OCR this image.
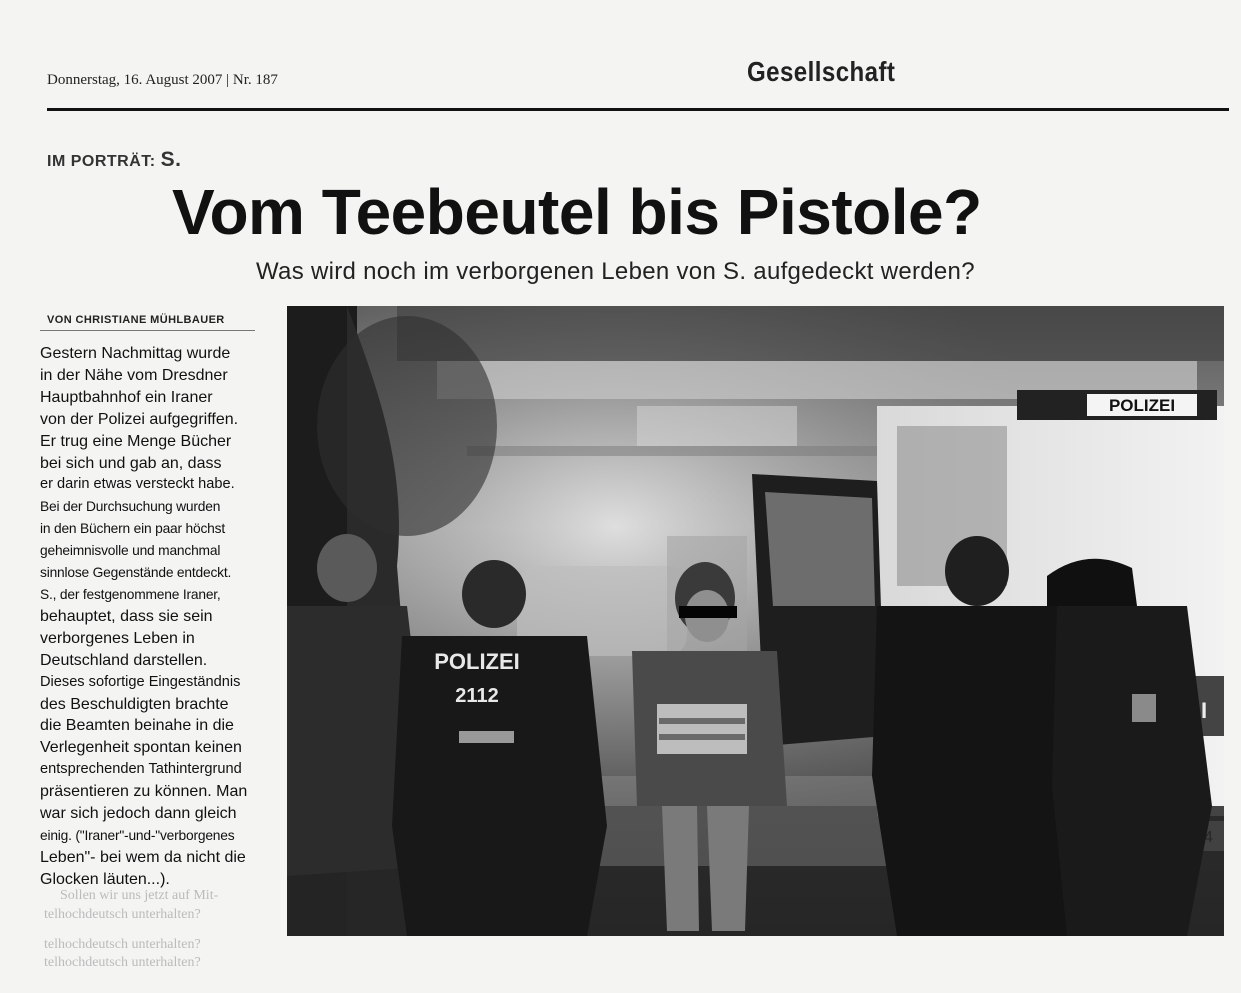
Donnerstag, 16. August 2007 | Nr. 187	Gesellschaft
IM PORTRÄT: S.
Vom Teebeutel bis Pistole?
Was wird noch im verborgenen Leben von S. aufgedeckt werden?
VON CHRISTIANE MÜHLBAUER
Gestern Nachmittag wurde
in der Nähe vom Dresdner
Hauptbahnhof ein Iraner
von der Polizei aufgegriffen.
Er trug eine Menge Bücher
bei sich und gab an, dass
er darin etwas versteckt habe.
Bei der Durchsuchung wurden
in den Büchern ein paar höchst
geheimnisvolle und manchmal
sinnlose Gegenstände entdeckt.
S., der festgenommene Iraner,
behauptet, dass sie sein
verborgenes Leben in
Deutschland darstellen.
Dieses sofortige Eingeständnis
des Beschuldigten brachte
die Beamten beinahe in die
Verlegenheit spontan keinen
entsprechenden Tathintergrund
präsentieren zu können. Man
war sich jedoch dann gleich
einig. ("Iraner"-und-"verborgenes
Leben"- bei wem da nicht die
Glocken läuten...).
Sollen wir uns jetzt auf Mit-
telhochdeutsch unterhalten?
telhochdeutsch unterhalten?
telhochdeutsch unterhalten?
POLIZEI
I
POLIZEI
2112
